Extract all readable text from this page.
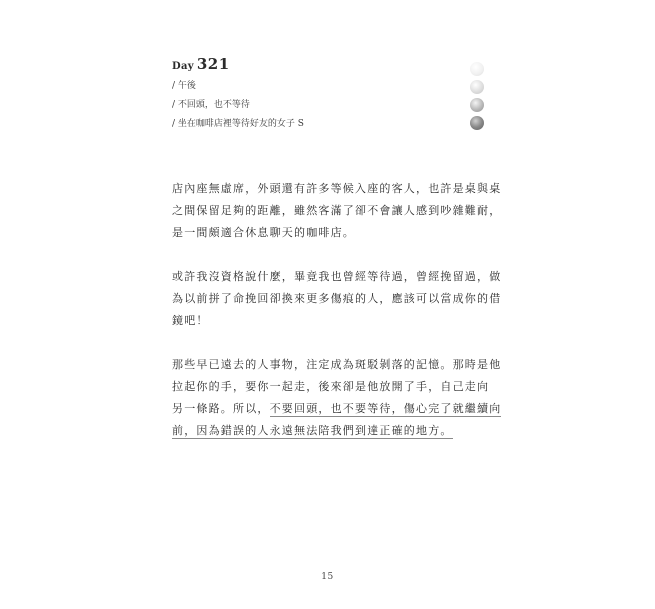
Day 321
/ 午後
/ 不回頭，也不等待
/ 坐在咖啡店裡等待好友的女子 S

店內座無虛席，外頭還有許多等候入座的客人，也許是桌與桌
之間保留足夠的距離，雖然客滿了卻不會讓人感到吵雜難耐，
是一間頗適合休息聊天的咖啡店。

或許我沒資格說什麼，畢竟我也曾經等待過，曾經挽留過，做
為以前拼了命挽回卻換來更多傷痕的人，應該可以當成你的借
鏡吧！

那些早已遠去的人事物，注定成為斑駁剝落的記憶。那時是他
拉起你的手，要你一起走，後來卻是他放開了手，自己走向
另一條路。所以，不要回頭，也不要等待，傷心完了就繼續向
前，因為錯誤的人永遠無法陪我們到達正確的地方。

15
